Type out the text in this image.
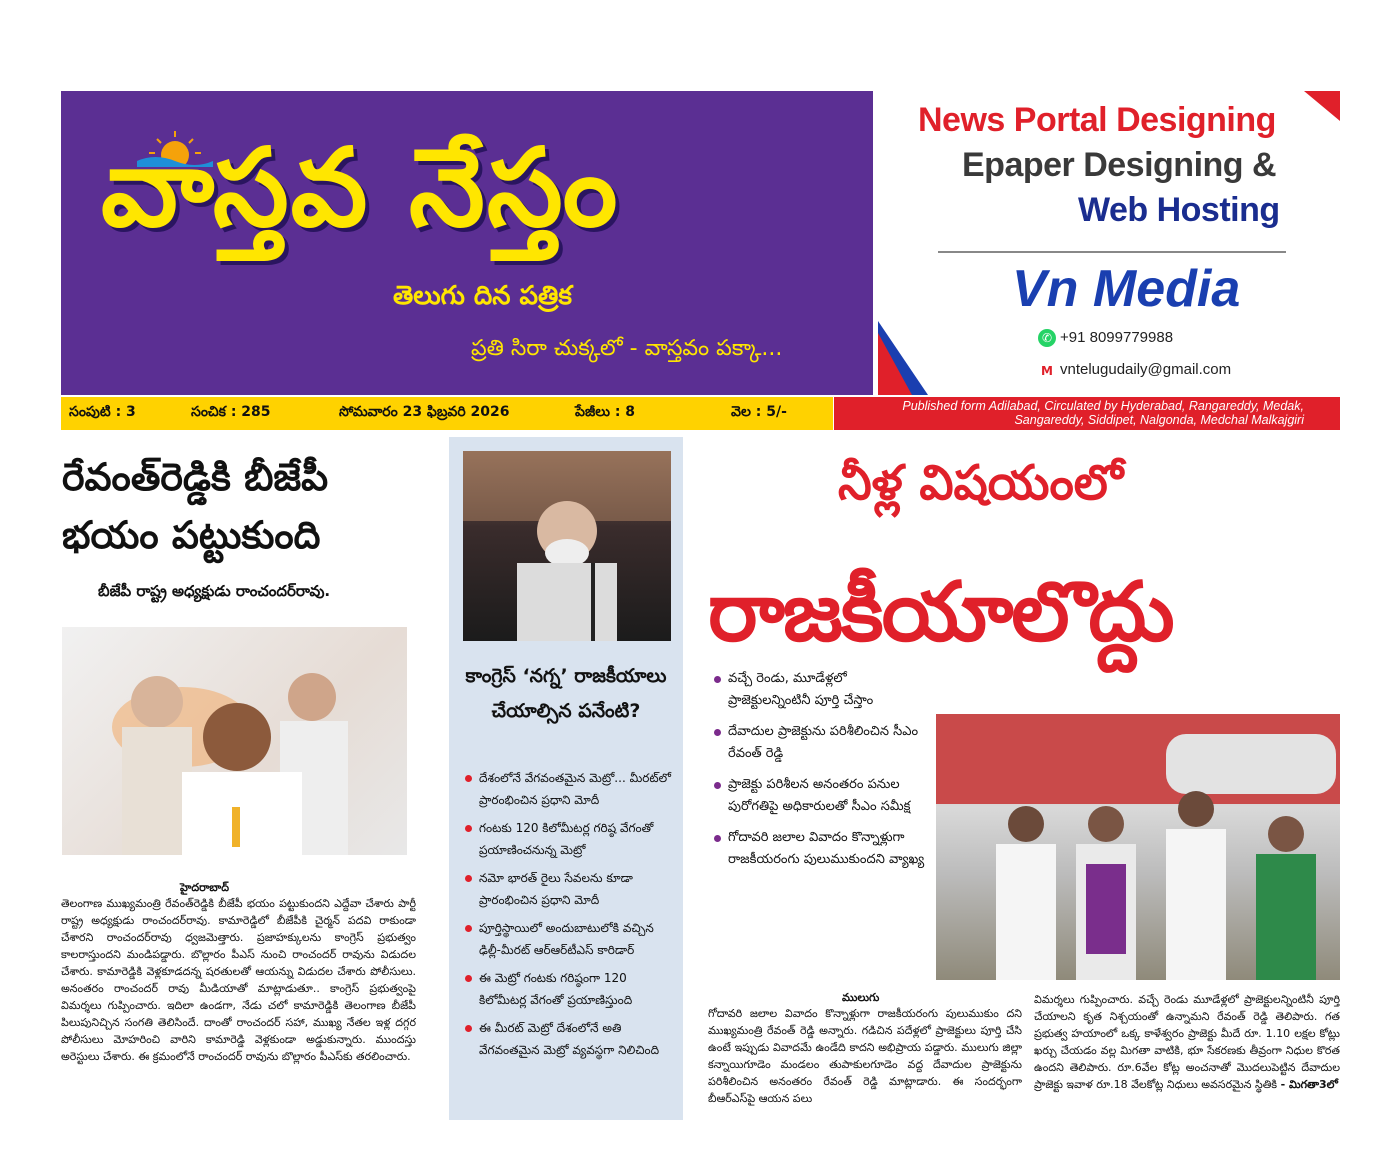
వాస్తవ నేస్తం
తెలుగు దిన పత్రిక
ప్రతి సిరా చుక్కలో - వాస్తవం పక్కా...
News Portal Designing
Epaper Designing &
Web Hosting
Vn Media
✆ +91 8099779988
M vntelugudaily@gmail.com
సంపుటి : 3	సంచిక : 285	సోమవారం 23 ఫిబ్రవరి 2026	పేజీలు : 8	వెల : 5/-	Published form Adilabad, Circulated by Hyderabad, Rangareddy, Medak, Sangareddy, Siddipet, Nalgonda, Medchal Malkajgiri
రేవంత్‌రెడ్డికి బీజేపీ భయం పట్టుకుంది
బీజేపీ రాష్ట్ర అధ్యక్షుడు రాంచందర్‌రావు.
హైదరాబాద్
తెలంగాణ ముఖ్యమంత్రి రేవంత్‌రెడ్డికి బీజేపీ భయం పట్టుకుందని ఎద్దేవా చేశారు పార్టీ రాష్ట్ర అధ్యక్షుడు రాంచందర్‌రావు. కామారెడ్డిలో బీజేపీకి చైర్మన్ పదవి రాకుండా చేశారని రాంచందర్‌రావు ధ్వజమెత్తారు. ప్రజాహక్కులను కాంగ్రెస్ ప్రభుత్వం కాలరాస్తుందని మండిపడ్డారు. బొల్లారం పీఎస్ నుంచి రాంచందర్ రావును విడుదల చేశారు. కామారెడ్డికి వెళ్లకూడదన్న షరతులతో ఆయన్ను విడుదల చేశారు పోలీసులు. అనంతరం రాంచందర్ రావు మీడియాతో మాట్లాడుతూ.. కాంగ్రెస్ ప్రభుత్వంపై విమర్శలు గుప్పించారు. ఇదిలా ఉండగా, నేడు చలో కామారెడ్డికి తెలంగాణ బీజేపీ పిలుపునిచ్చిన సంగతి తెలిసిందే. దాంతో రాంచందర్ సహా, ముఖ్య నేతల ఇళ్ల దగ్గర పోలీసులు మోహరించి వారిని కామారెడ్డి వెళ్లకుండా అడ్డుకున్నారు. ముందస్తు అరెస్టులు చేశారు. ఈ క్రమంలోనే రాంచందర్ రావును బొల్లారం పీఎస్‌కు తరలించారు.
కాంగ్రెస్ ‘నగ్న’ రాజకీయాలు చేయాల్సిన పనేంటి?
దేశంలోనే వేగవంతమైన మెట్రో... మీరట్‌లో ప్రారంభించిన ప్రధాని మోదీ
గంటకు 120 కిలోమీటర్ల గరిష్ఠ వేగంతో ప్రయాణించనున్న మెట్రో
నమో భారత్ రైలు సేవలను కూడా ప్రారంభించిన ప్రధాని మోదీ
పూర్తిస్థాయిలో అందుబాటులోకి వచ్చిన ఢిల్లీ-మీరట్ ఆర్ఆర్‌టీఎస్ కారిడార్
ఈ మెట్రో గంటకు గరిష్ఠంగా 120 కిలోమీటర్ల వేగంతో ప్రయాణిస్తుంది
ఈ మీరట్ మెట్రో దేశంలోనే అతి వేగవంతమైన మెట్రో వ్యవస్థగా నిలిచింది
నీళ్ల విషయంలో
రాజకీయాలొద్దు
వచ్చే రెండు, మూడేళ్లలో ప్రాజెక్టులన్నింటినీ పూర్తి చేస్తాం
దేవాదుల ప్రాజెక్టును పరిశీలించిన సీఎం రేవంత్ రెడ్డి
ప్రాజెక్టు పరిశీలన అనంతరం పనుల పురోగతిపై అధికారులతో సీఎం సమీక్ష
గోదావరి జలాల వివాదం కొన్నాళ్లుగా రాజకీయరంగు పులుముకుందని వ్యాఖ్య
ములుగు
గోదావరి జలాల వివాదం కొన్నాళ్లుగా రాజకీయరంగు పులుముకుం దని ముఖ్యమంత్రి రేవంత్ రెడ్డి అన్నారు. గడిచిన పదేళ్లలో ప్రాజెక్టులు పూర్తి చేసి ఉంటే ఇప్పుడు వివాదమే ఉండేది కాదని అభిప్రాయ పడ్డారు. ములుగు జిల్లా కన్నాయిగూడెం మండలం తుపాకులగూడెం వద్ద దేవాదుల ప్రాజెక్టును పరిశీలించిన అనంతరం రేవంత్ రెడ్డి మాట్లాడారు. ఈ సందర్భంగా బీఆర్ఎస్‌పై ఆయన పలు
విమర్శలు గుప్పించారు. వచ్చే రెండు మూడేళ్లలో ప్రాజెక్టులన్నింటినీ పూర్తి చేయాలని కృత నిశ్చయంతో ఉన్నామని రేవంత్ రెడ్డి తెలిపారు. గత ప్రభుత్వ హయాంలో ఒక్క కాళేశ్వరం ప్రాజెక్టు మీదే రూ. 1.10 లక్షల కోట్లు ఖర్చు చేయడం వల్ల మిగతా వాటికి, భూ సేకరణకు తీవ్రంగా నిధుల కొరత ఉందని తెలిపారు. రూ.6వేల కోట్ల అంచనాతో మొదలుపెట్టిన దేవాదుల ప్రాజెక్టు ఇవాళ రూ.18 వేలకోట్ల నిధులు అవసరమైన స్థితికి - మిగతా3లో
